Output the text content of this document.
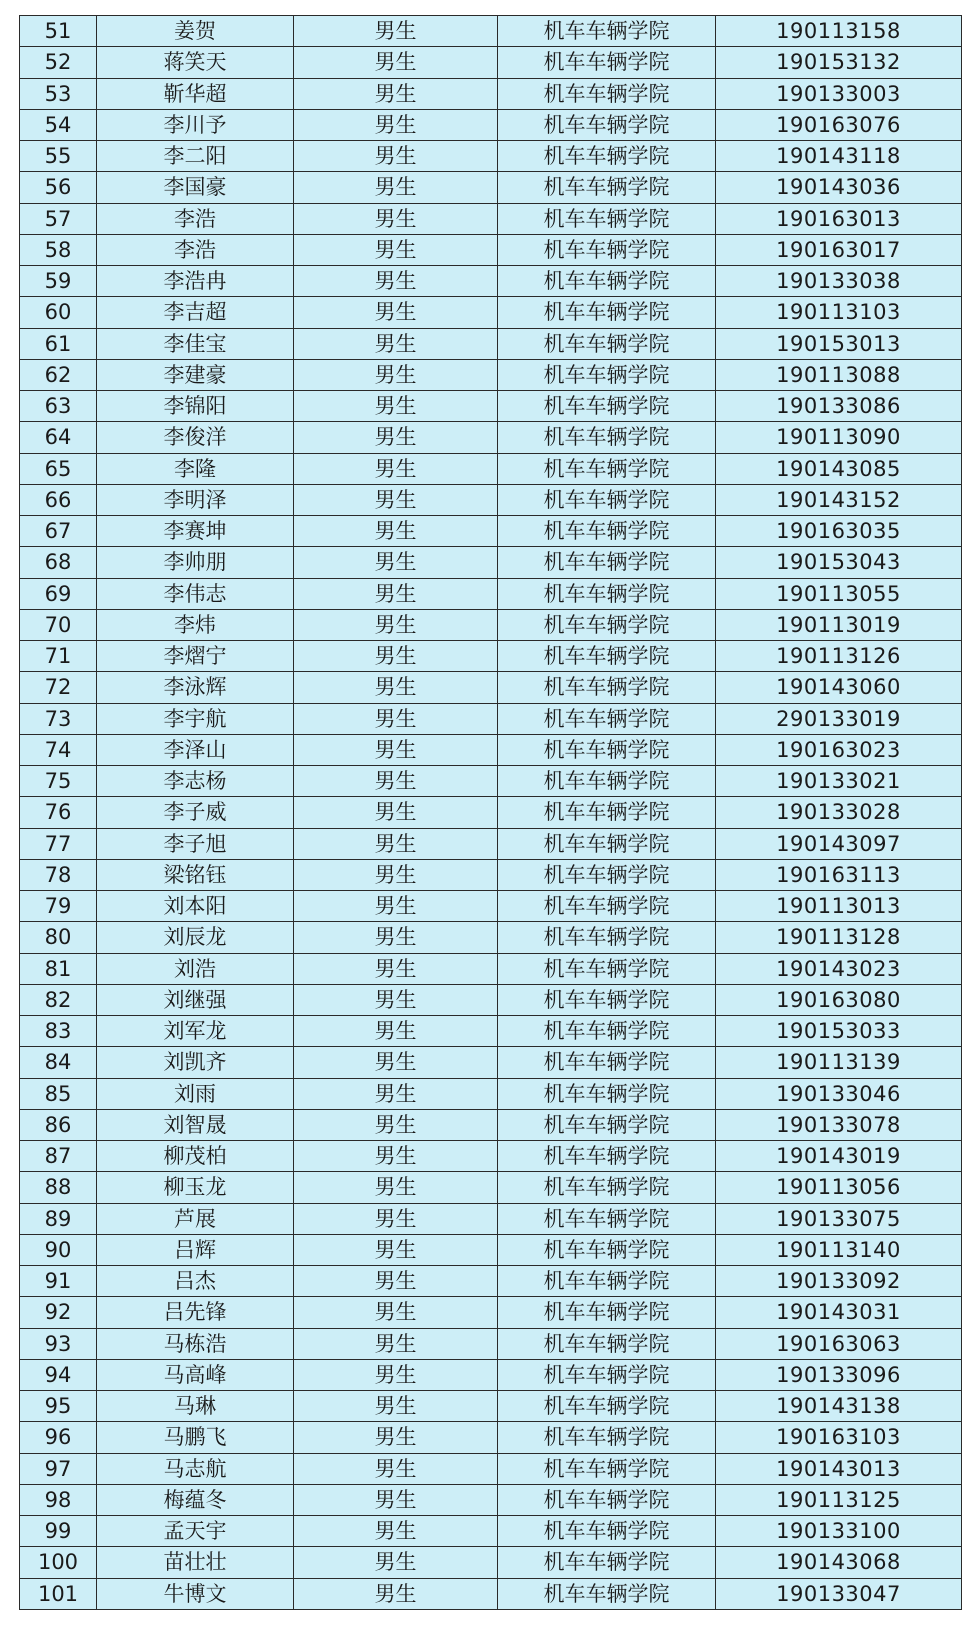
51	姜贺	男生	机车车辆学院	190113158
52	蒋笑天	男生	机车车辆学院	190153132
53	靳华超	男生	机车车辆学院	190133003
54	李川予	男生	机车车辆学院	190163076
55	李二阳	男生	机车车辆学院	190143118
56	李国豪	男生	机车车辆学院	190143036
57	李浩	男生	机车车辆学院	190163013
58	李浩	男生	机车车辆学院	190163017
59	李浩冉	男生	机车车辆学院	190133038
60	李吉超	男生	机车车辆学院	190113103
61	李佳宝	男生	机车车辆学院	190153013
62	李建豪	男生	机车车辆学院	190113088
63	李锦阳	男生	机车车辆学院	190133086
64	李俊洋	男生	机车车辆学院	190113090
65	李隆	男生	机车车辆学院	190143085
66	李明泽	男生	机车车辆学院	190143152
67	李赛坤	男生	机车车辆学院	190163035
68	李帅朋	男生	机车车辆学院	190153043
69	李伟志	男生	机车车辆学院	190113055
70	李炜	男生	机车车辆学院	190113019
71	李熠宁	男生	机车车辆学院	190113126
72	李泳辉	男生	机车车辆学院	190143060
73	李宇航	男生	机车车辆学院	290133019
74	李泽山	男生	机车车辆学院	190163023
75	李志杨	男生	机车车辆学院	190133021
76	李子威	男生	机车车辆学院	190133028
77	李子旭	男生	机车车辆学院	190143097
78	梁铭钰	男生	机车车辆学院	190163113
79	刘本阳	男生	机车车辆学院	190113013
80	刘辰龙	男生	机车车辆学院	190113128
81	刘浩	男生	机车车辆学院	190143023
82	刘继强	男生	机车车辆学院	190163080
83	刘军龙	男生	机车车辆学院	190153033
84	刘凯齐	男生	机车车辆学院	190113139
85	刘雨	男生	机车车辆学院	190133046
86	刘智晟	男生	机车车辆学院	190133078
87	柳茂柏	男生	机车车辆学院	190143019
88	柳玉龙	男生	机车车辆学院	190113056
89	芦展	男生	机车车辆学院	190133075
90	吕辉	男生	机车车辆学院	190113140
91	吕杰	男生	机车车辆学院	190133092
92	吕先锋	男生	机车车辆学院	190143031
93	马栋浩	男生	机车车辆学院	190163063
94	马高峰	男生	机车车辆学院	190133096
95	马琳	男生	机车车辆学院	190143138
96	马鹏飞	男生	机车车辆学院	190163103
97	马志航	男生	机车车辆学院	190143013
98	梅蕴冬	男生	机车车辆学院	190113125
99	孟天宇	男生	机车车辆学院	190133100
100	苗壮壮	男生	机车车辆学院	190143068
101	牛博文	男生	机车车辆学院	190133047
